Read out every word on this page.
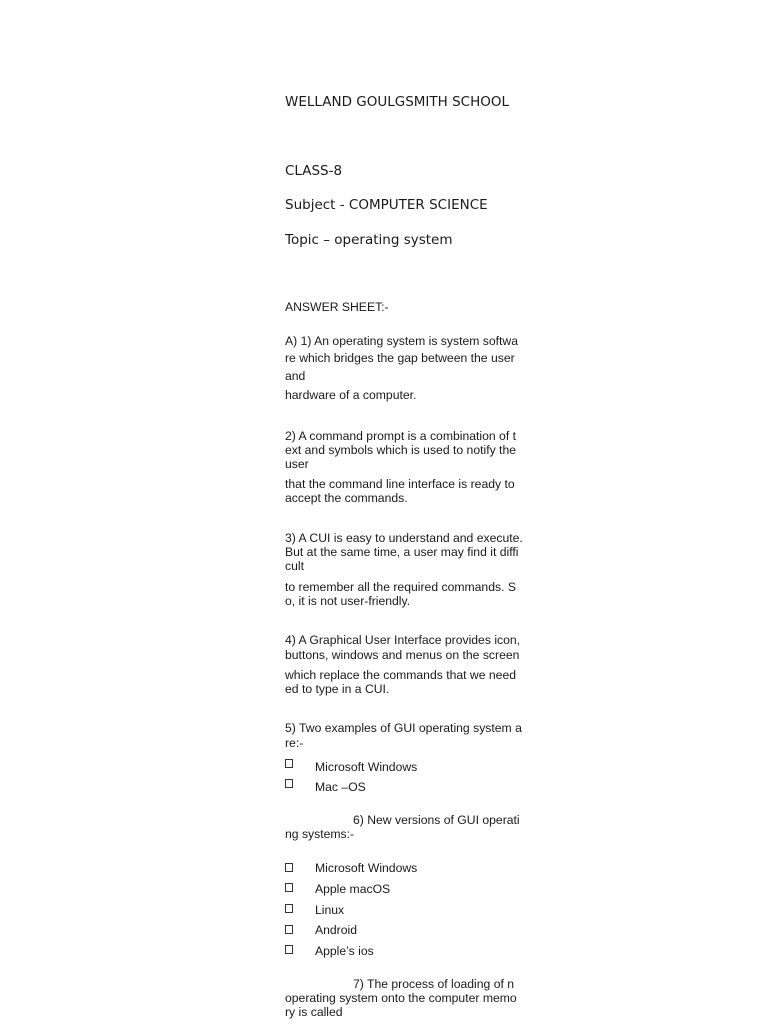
WELLAND GOULGSMITH SCHOOL
CLASS-8
Subject - COMPUTER SCIENCE
Topic – operating system
ANSWER SHEET:-
A) 1) An operating system is system softwa
re which bridges the gap between the user
and
hardware of a computer.
2) A command prompt is a combination of t
ext and symbols which is used to notify the
user
that the command line interface is ready to
accept the commands.
3) A CUI is easy to understand and execute.
But at the same time, a user may find it diffi
cult
to remember all the required commands. S
o, it is not user-friendly.
4) A Graphical User Interface provides icon,
buttons, windows and menus on the screen
which replace the commands that we need
ed to type in a CUI.
5) Two examples of GUI operating system a
re:-
Microsoft Windows
Mac –OS
6) New versions of GUI operati
ng systems:-
Microsoft Windows
Apple macOS
Linux
Android
Apple’s ios
7) The process of loading of n
operating system onto the computer memo
ry is called
